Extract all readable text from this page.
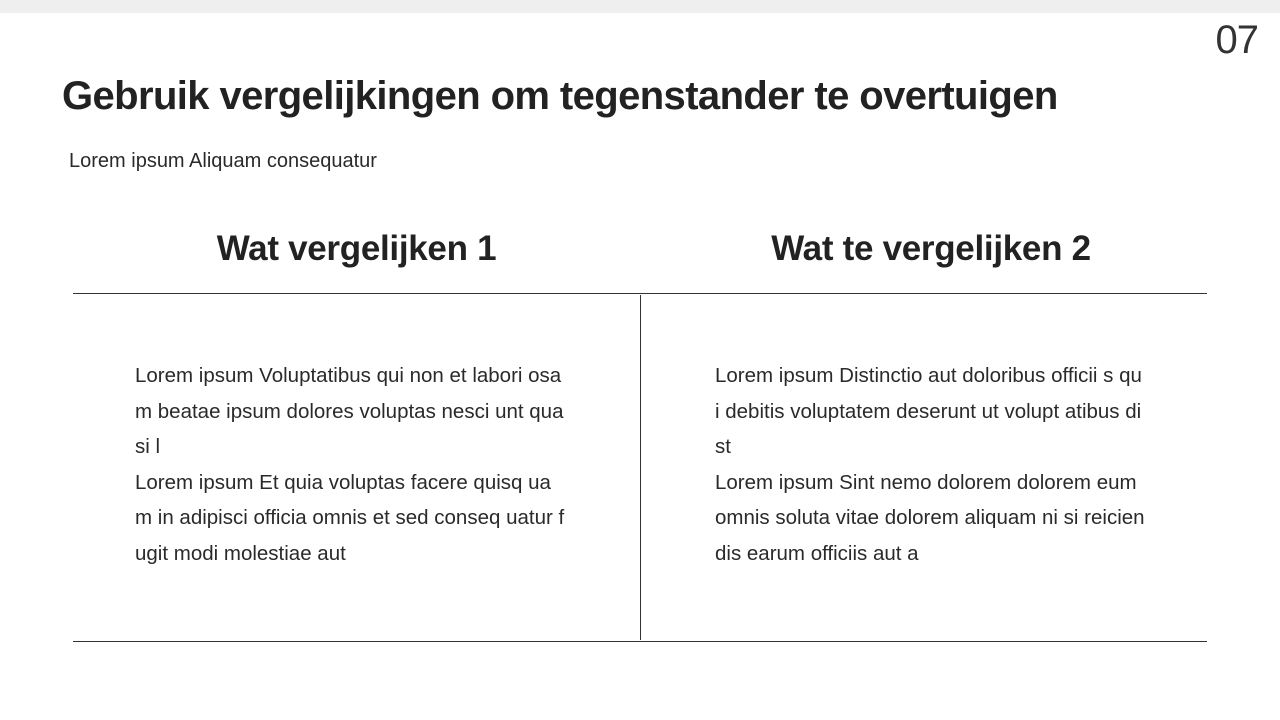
07
Gebruik vergelijkingen om tegenstander te overtuigen
Lorem ipsum Aliquam consequatur
Wat vergelijken 1	Wat te vergelijken 2

Lorem ipsum Voluptatibus qui non et labori osam beatae ipsum dolores voluptas nesci unt quasi l

Lorem ipsum Et quia voluptas facere quisq uam in adipisci officia omnis et sed conseq uatur fugit modi molestiae aut

Lorem ipsum Distinctio aut doloribus officii s qui debitis voluptatem deserunt ut volupt atibus dist

Lorem ipsum Sint nemo dolorem dolorem eum omnis soluta vitae dolorem aliquam ni si reiciendis earum officiis aut a
